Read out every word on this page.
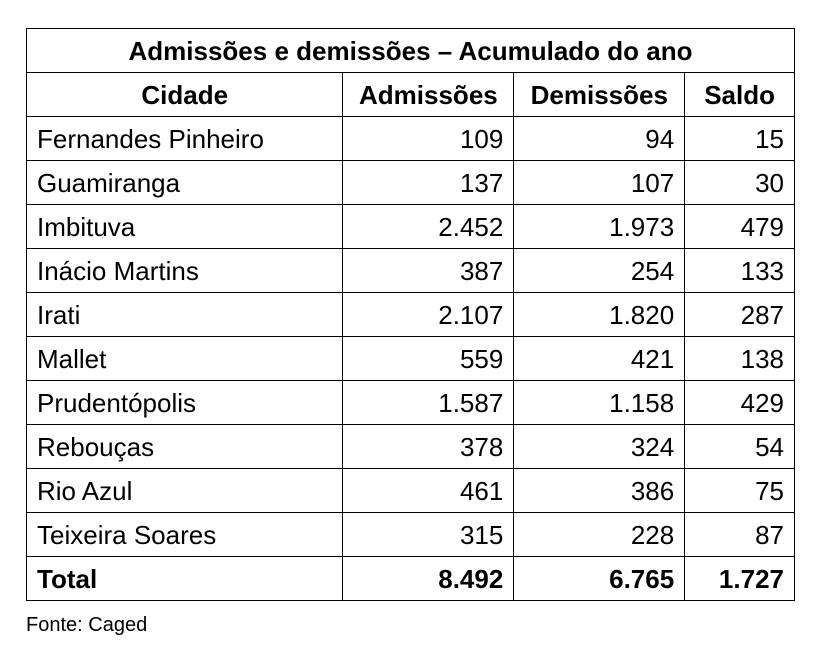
Admissões e demissões – Acumulado do ano			
Cidade	Admissões	Demissões	Saldo
Fernandes Pinheiro	109	94	15
Guamiranga	137	107	30
Imbituva	2.452	1.973	479
Inácio Martins	387	254	133
Irati	2.107	1.820	287
Mallet	559	421	138
Prudentópolis	1.587	1.158	429
Rebouças	378	324	54
Rio Azul	461	386	75
Teixeira Soares	315	228	87
Total	8.492	6.765	1.727
Fonte: Caged
